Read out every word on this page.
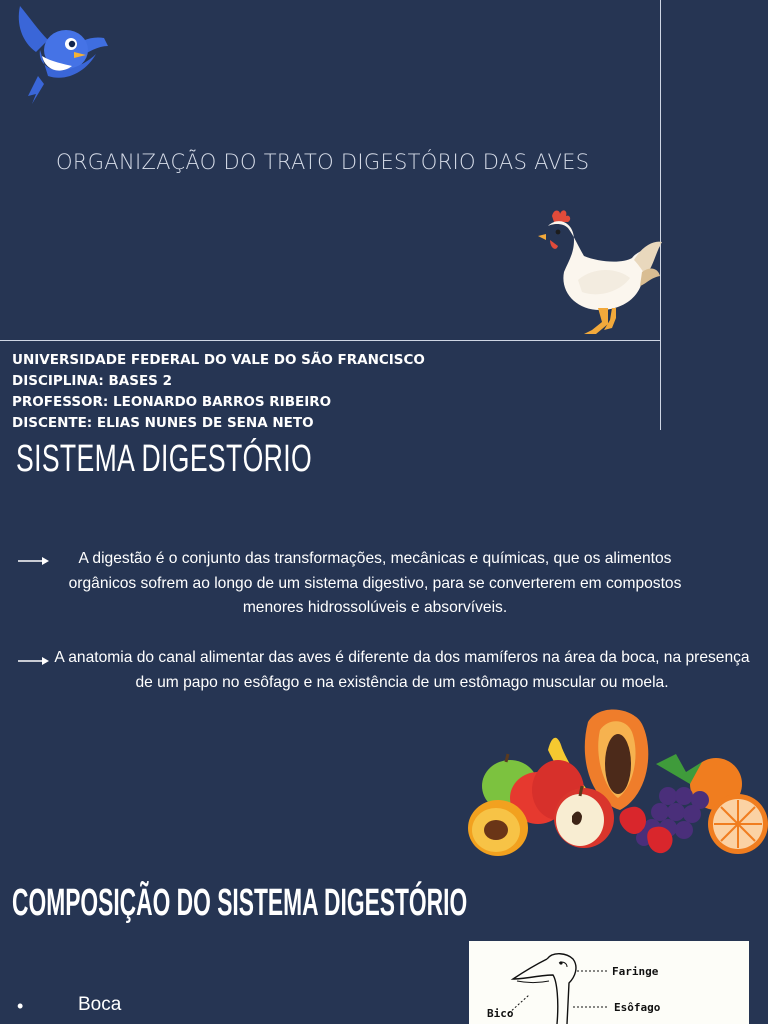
ORGANIZAÇÃO DO TRATO DIGESTÓRIO DAS AVES
UNIVERSIDADE FEDERAL DO VALE DO SÃO FRANCISCO
DISCIPLINA: BASES 2
PROFESSOR: LEONARDO BARROS RIBEIRO
DISCENTE: ELIAS NUNES DE SENA NETO
SISTEMA DIGESTÓRIO
A digestão é o conjunto das transformações, mecânicas e químicas, que os alimentos orgânicos sofrem ao longo de um sistema digestivo, para se converterem em compostos menores hidrossolúveis e absorvíveis.
A anatomia do canal alimentar das aves é diferente da dos mamíferos na área da boca, na presença de um papo no esôfago e na existência de um estômago muscular ou moela.
COMPOSIÇÃO DO SISTEMA DIGESTÓRIO
•	Boca
Faringe
Esôfago
Bico
